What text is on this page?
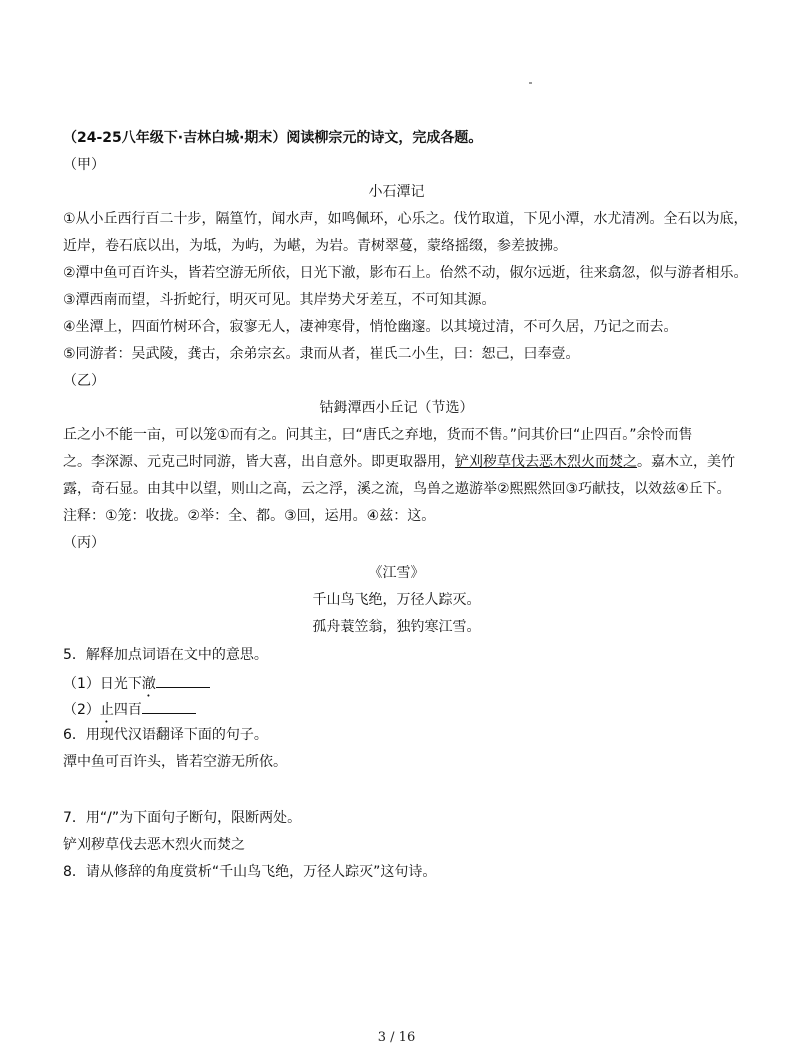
（24-25八年级下·吉林白城·期末）阅读柳宗元的诗文，完成各题。
（甲）
小石潭记
①从小丘西行百二十步，隔篁竹，闻水声，如鸣佩环，心乐之。伐竹取道，下见小潭，水尤清冽。全石以为底，
近岸，卷石底以出，为坻，为屿，为嵁，为岩。青树翠蔓，蒙络摇缀，参差披拂。
②潭中鱼可百许头，皆若空游无所依，日光下澈，影布石上。佁然不动，俶尔远逝，往来翕忽，似与游者相乐。
③潭西南而望，斗折蛇行，明灭可见。其岸势犬牙差互，不可知其源。
④坐潭上，四面竹树环合，寂寥无人，凄神寒骨，悄怆幽邃。以其境过清，不可久居，乃记之而去。
⑤同游者：吴武陵，龚古，余弟宗玄。隶而从者，崔氏二小生，曰：恕己，曰奉壹。
（乙）
钴鉧潭西小丘记（节选）
丘之小不能一亩，可以笼①而有之。问其主，曰“唐氏之弃地，货而不售。”问其价曰“止四百。”余怜而售
之。李深源、元克己时同游，皆大喜，出自意外。即更取器用，铲刈秽草伐去恶木烈火而焚之。嘉木立，美竹
露，奇石显。由其中以望，则山之高，云之浮，溪之流，鸟兽之遨游举②熙熙然回③巧献技，以效兹④丘下。
注释：①笼：收拢。②举：全、都。③回，运用。④兹：这。
（丙）
《江雪》
千山鸟飞绝，万径人踪灭。
孤舟蓑笠翁，独钓寒江雪。
5．解释加点词语在文中的意思。
（1）日光下澈
（2）止四百
6．用现代汉语翻译下面的句子。
潭中鱼可百许头，皆若空游无所依。
7．用“/”为下面句子断句，限断两处。
铲刈秽草伐去恶木烈火而焚之
8．请从修辞的角度赏析“千山鸟飞绝，万径人踪灭”这句诗。
3 / 16
